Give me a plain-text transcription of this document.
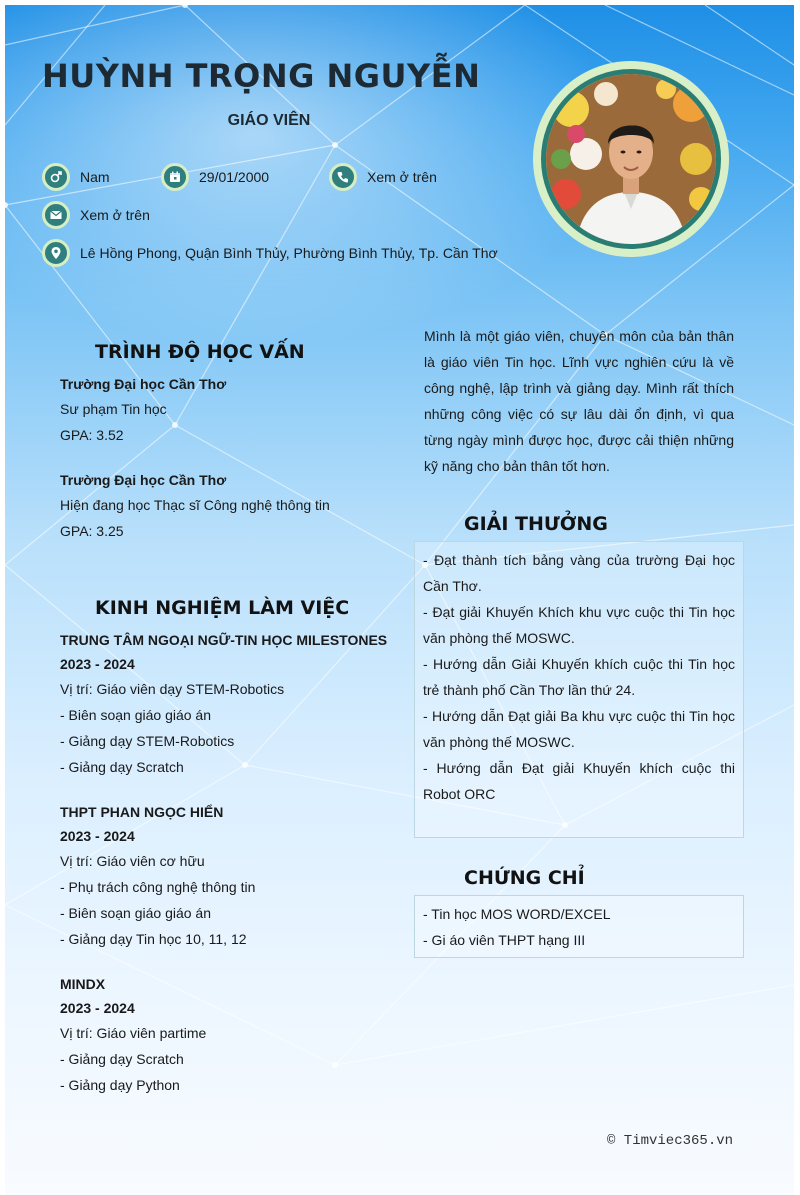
HUỲNH TRỌNG NGUYỄN
GIÁO VIÊN
Nam	29/01/2000	Xem ở trên
Xem ở trên
Lê Hồng Phong, Quận Bình Thủy, Phường Bình Thủy, Tp. Cần Thơ
TRÌNH ĐỘ HỌC VẤN
Trường Đại học Cần Thơ
Sư phạm Tin học
GPA: 3.52
Trường Đại học Cần Thơ
Hiện đang học Thạc sĩ Công nghệ thông tin
GPA: 3.25
KINH NGHIỆM LÀM VIỆC
TRUNG TÂM NGOẠI NGỮ-TIN HỌC MILESTONES
2023 - 2024
Vị trí: Giáo viên dạy STEM-Robotics
- Biên soạn giáo giáo án
- Giảng dạy STEM-Robotics
- Giảng dạy Scratch
THPT PHAN NGỌC HIỂN
2023 - 2024
Vị trí: Giáo viên cơ hữu
- Phụ trách công nghệ thông tin
- Biên soạn giáo giáo án
- Giảng dạy Tin học 10, 11, 12
MINDX
2023 - 2024
Vị trí: Giáo viên partime
- Giảng dạy Scratch
- Giảng dạy Python

Mình là một giáo viên, chuyên môn của bản thân là giáo viên Tin học. Lĩnh vực nghiên cứu là về công nghệ, lập trình và giảng dạy. Mình rất thích những công việc có sự lâu dài ổn định, vì qua từng ngày mình được học, được cải thiện những kỹ năng cho bản thân tốt hơn.

GIẢI THƯỞNG

- Đạt thành tích bảng vàng của trường Đại học Cần Thơ.

- Đạt giải Khuyến Khích khu vực cuộc thi Tin học văn phòng thế MOSWC.

- Hướng dẫn Giải Khuyến khích cuộc thi Tin học trẻ thành phố Cần Thơ lần thứ 24.

- Hướng dẫn Đạt giải Ba khu vực cuộc thi Tin học văn phòng thế MOSWC.

- Hướng dẫn Đạt giải Khuyến khích cuộc thi Robot ORC

CHỨNG CHỈ

- Tin học MOS WORD/EXCEL

- Gi áo viên THPT hạng III

© Timviec365.vn
